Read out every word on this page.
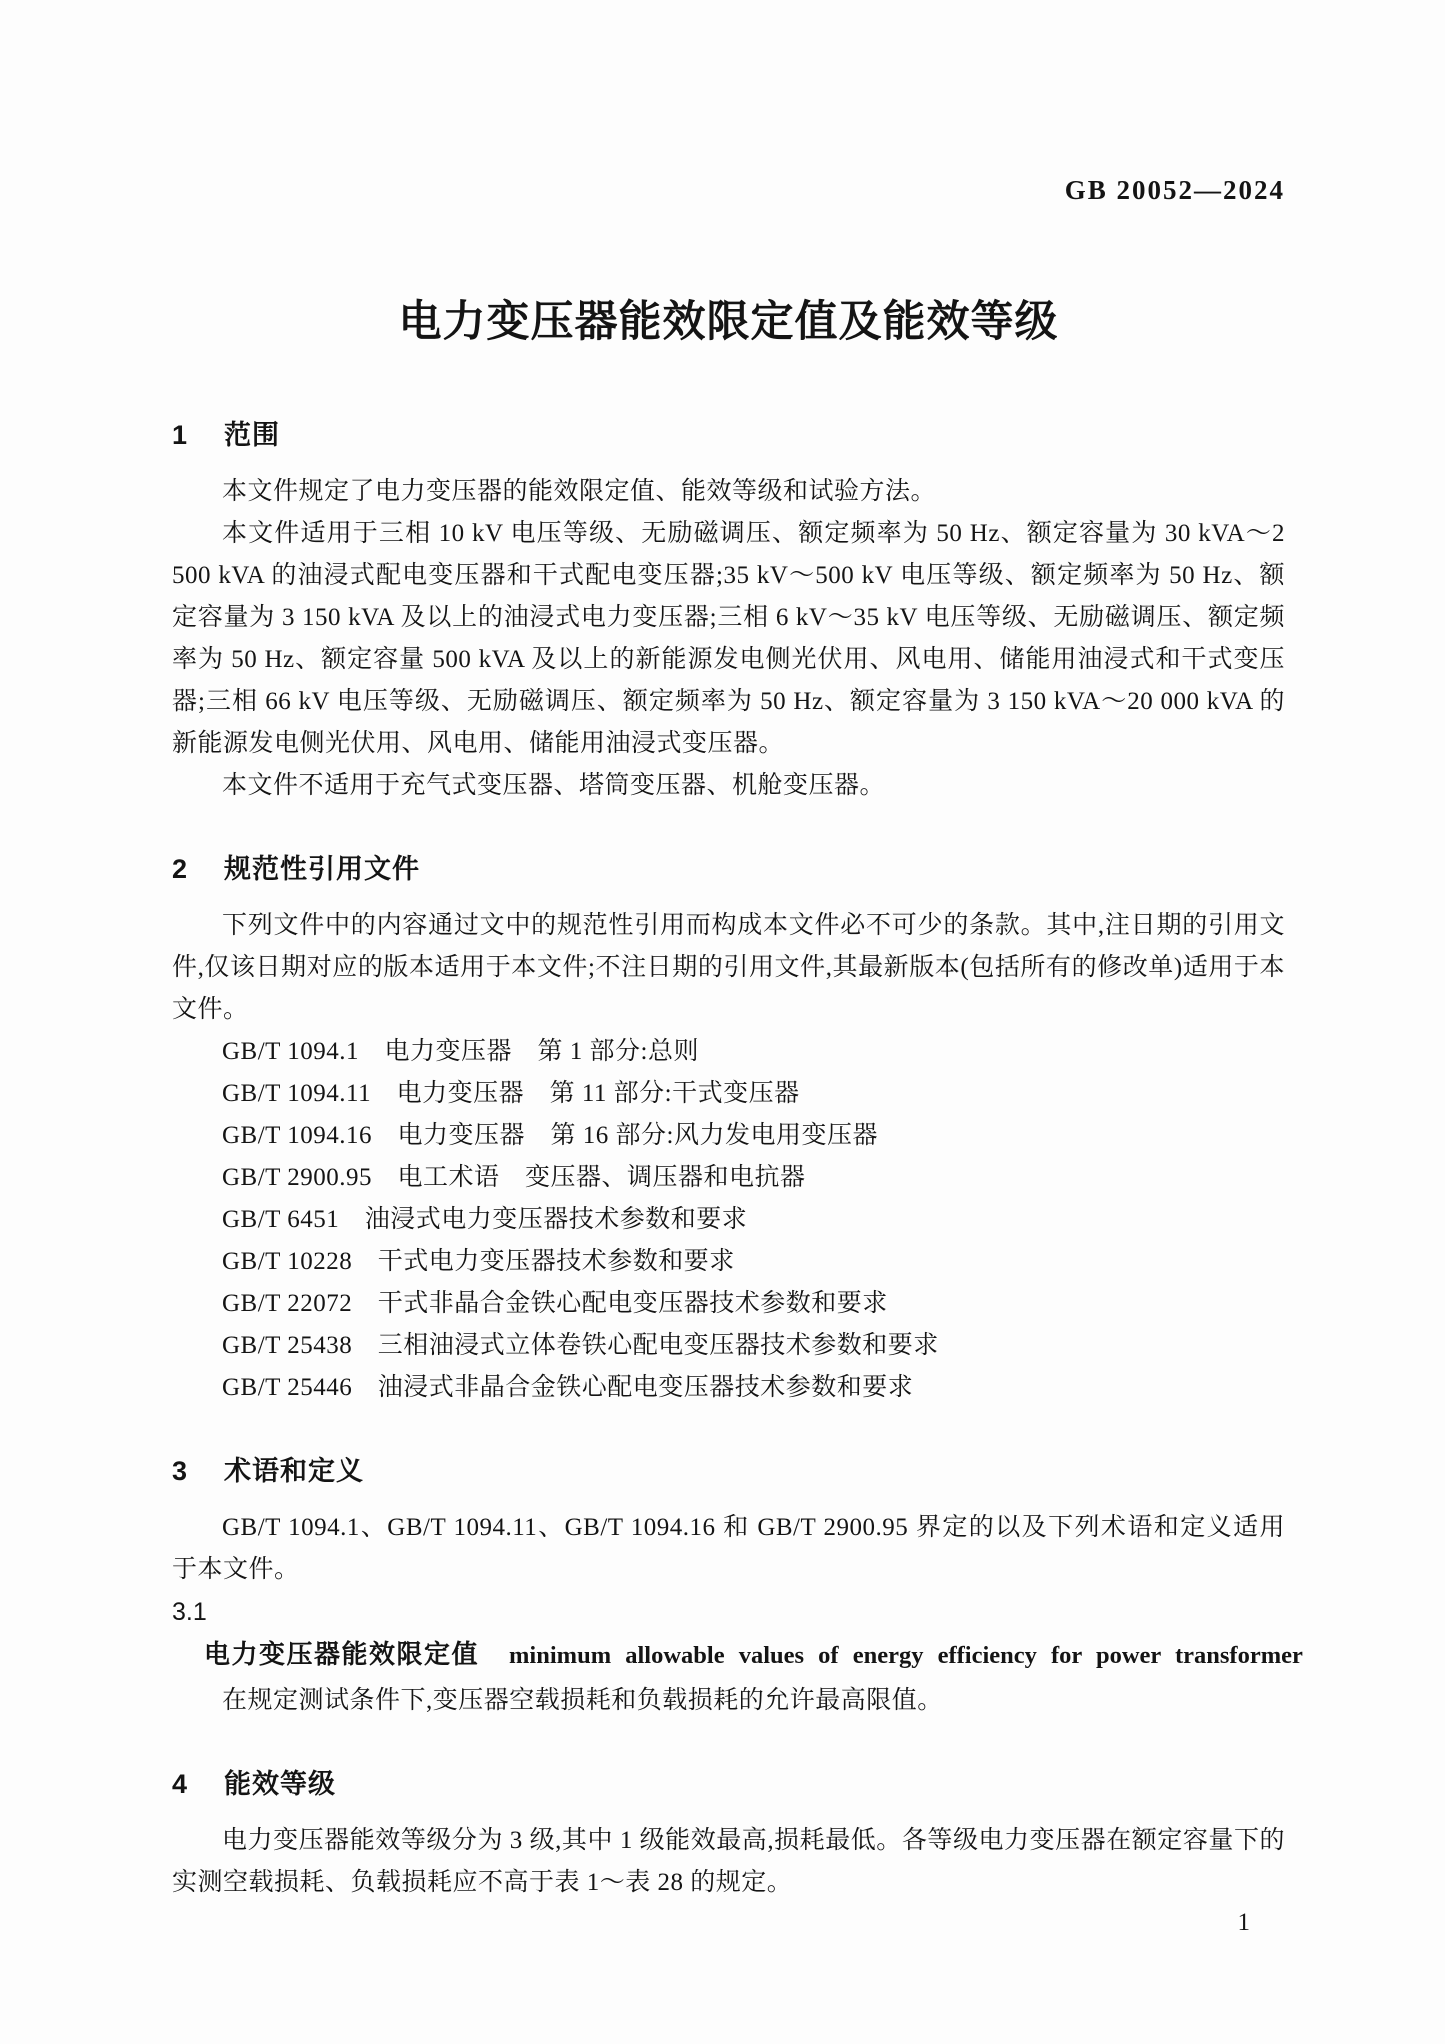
GB 20052—2024
电力变压器能效限定值及能效等级
1 范围

本文件规定了电力变压器的能效限定值、能效等级和试验方法。

本文件适用于三相 10 kV 电压等级、无励磁调压、额定频率为 50 Hz、额定容量为 30 kVA～2 500 kVA 的油浸式配电变压器和干式配电变压器;35 kV～500 kV 电压等级、额定频率为 50 Hz、额定容量为 3 150 kVA 及以上的油浸式电力变压器;三相 6 kV～35 kV 电压等级、无励磁调压、额定频率为 50 Hz、额定容量 500 kVA 及以上的新能源发电侧光伏用、风电用、储能用油浸式和干式变压器;三相 66 kV 电压等级、无励磁调压、额定频率为 50 Hz、额定容量为 3 150 kVA～20 000 kVA 的新能源发电侧光伏用、风电用、储能用油浸式变压器。

本文件不适用于充气式变压器、塔筒变压器、机舱变压器。

2 规范性引用文件

下列文件中的内容通过文中的规范性引用而构成本文件必不可少的条款。其中,注日期的引用文件,仅该日期对应的版本适用于本文件;不注日期的引用文件,其最新版本(包括所有的修改单)适用于本文件。

GB/T 1094.1　电力变压器　第 1 部分:总则
GB/T 1094.11　电力变压器　第 11 部分:干式变压器
GB/T 1094.16　电力变压器　第 16 部分:风力发电用变压器
GB/T 2900.95　电工术语　变压器、调压器和电抗器
GB/T 6451　油浸式电力变压器技术参数和要求
GB/T 10228　干式电力变压器技术参数和要求
GB/T 22072　干式非晶合金铁心配电变压器技术参数和要求
GB/T 25438　三相油浸式立体卷铁心配电变压器技术参数和要求
GB/T 25446　油浸式非晶合金铁心配电变压器技术参数和要求
3 术语和定义

GB/T 1094.1、GB/T 1094.11、GB/T 1094.16 和 GB/T 2900.95 界定的以及下列术语和定义适用于本文件。

3.1
电力变压器能效限定值 minimum allowable values of energy efficiency for power transformer

在规定测试条件下,变压器空载损耗和负载损耗的允许最高限值。

4 能效等级

电力变压器能效等级分为 3 级,其中 1 级能效最高,损耗最低。各等级电力变压器在额定容量下的实测空载损耗、负载损耗应不高于表 1～表 28 的规定。

1
